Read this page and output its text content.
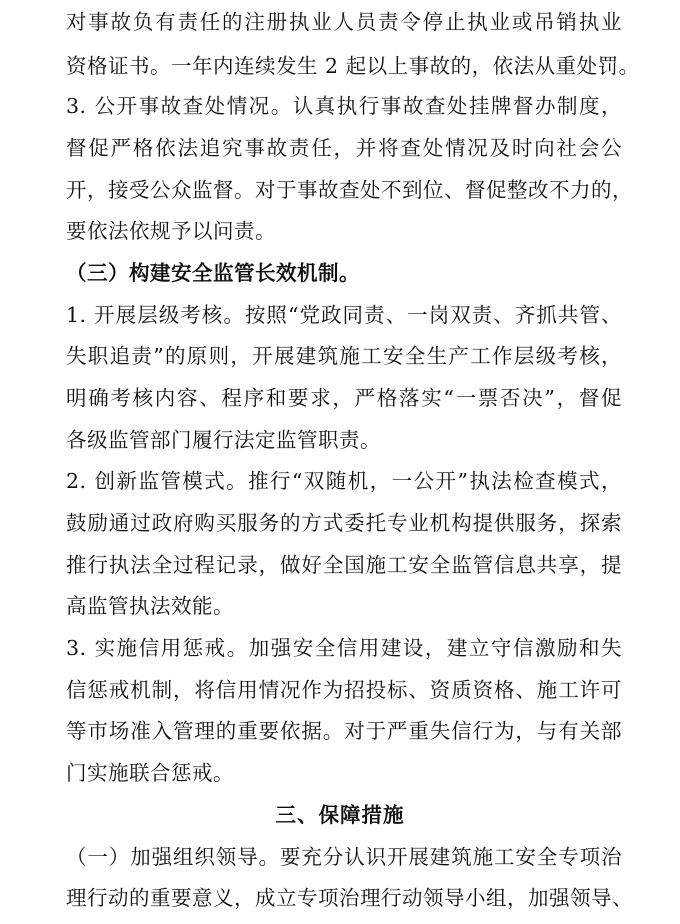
对事故负有责任的注册执业人员责令停止执业或吊销执业
资格证书。一年内连续发生 2 起以上事故的，依法从重处罚。
3. 公开事故查处情况。认真执行事故查处挂牌督办制度，
督促严格依法追究事故责任，并将查处情况及时向社会公
开，接受公众监督。对于事故查处不到位、督促整改不力的，
要依法依规予以问责。
（三）构建安全监管长效机制。
1. 开展层级考核。按照“党政同责、一岗双责、齐抓共管、
失职追责”的原则，开展建筑施工安全生产工作层级考核，
明确考核内容、程序和要求，严格落实“一票否决”，督促
各级监管部门履行法定监管职责。
2. 创新监管模式。推行“双随机，一公开”执法检查模式，
鼓励通过政府购买服务的方式委托专业机构提供服务，探索
推行执法全过程记录，做好全国施工安全监管信息共享，提
高监管执法效能。
3. 实施信用惩戒。加强安全信用建设，建立守信激励和失
信惩戒机制，将信用情况作为招投标、资质资格、施工许可
等市场准入管理的重要依据。对于严重失信行为，与有关部
门实施联合惩戒。
三、保障措施
（一）加强组织领导。要充分认识开展建筑施工安全专项治
理行动的重要意义，成立专项治理行动领导小组，加强领导、
